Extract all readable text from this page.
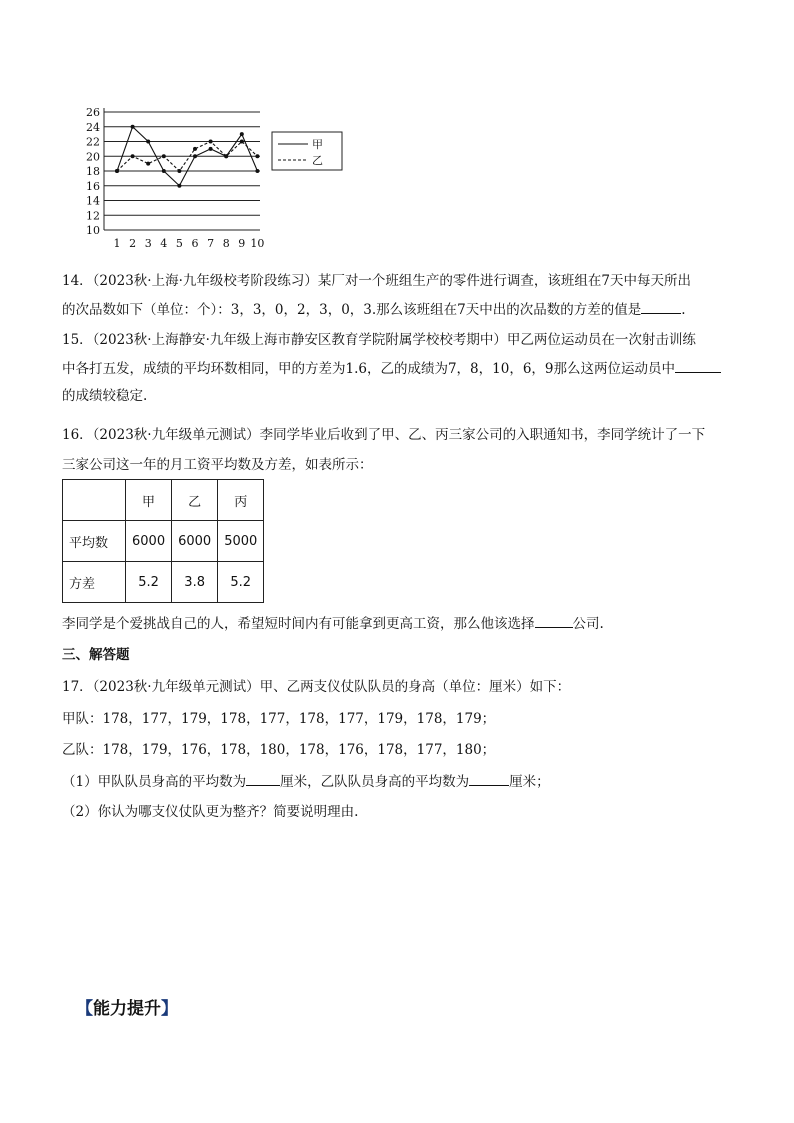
10
12
14
16
18
20
22
24
26
1 2 3 4 5 6 7 8 9 10
甲
乙
14．（2023秋·上海·九年级校考阶段练习）某厂对一个班组生产的零件进行调查，该班组在7天中每天所出
的次品数如下（单位：个）：3，3，0，2，3，0，3.那么该班组在7天中出的次品数的方差的值是	.
15．（2023秋·上海静安·九年级上海市静安区教育学院附属学校校考期中）甲乙两位运动员在一次射击训练
中各打五发，成绩的平均环数相同，甲的方差为1.6，乙的成绩为7，8，10，6，9那么这两位运动员中
的成绩较稳定.
16．（2023秋·九年级单元测试）李同学毕业后收到了甲、乙、丙三家公司的入职通知书，李同学统计了一下
三家公司这一年的月工资平均数及方差，如表所示：
	甲	乙	丙
平均数	6000	6000	5000
方差	5.2	3.8	5.2
李同学是个爱挑战自己的人，希望短时间内有可能拿到更高工资，那么他该选择	公司.
三、解答题
17．（2023秋·九年级单元测试）甲、乙两支仪仗队队员的身高（单位：厘米）如下：
甲队：178，177，179，178，177，178，177，179，178，179；
乙队：178，179，176，178，180，178，176，178，177，180；
（1）甲队队员身高的平均数为	厘米，乙队队员身高的平均数为	厘米；
（2）你认为哪支仪仗队更为整齐？简要说明理由.
【能力提升】
